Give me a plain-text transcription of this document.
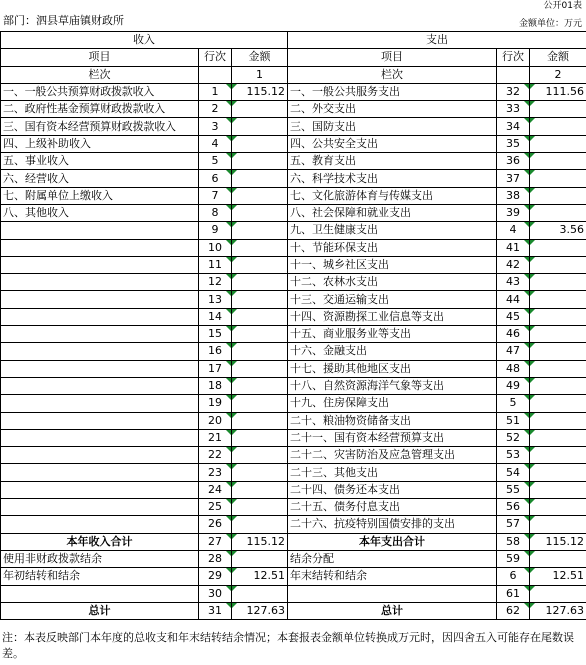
公开01表
部门：泗县草庙镇财政所	金额单位：万元
收入			支出		
项目	行次	金额	项目	行次	金额
栏次		1	栏次		2
一、一般公共预算财政拨款收入	1	115.12	一、一般公共服务支出	32	111.56
二、政府性基金预算财政拨款收入	2		二、外交支出	33	
三、国有资本经营预算财政拨款收入	3		三、国防支出	34	
四、上级补助收入	4		四、公共安全支出	35	
五、事业收入	5		五、教育支出	36	
六、经营收入	6		六、科学技术支出	37	
七、附属单位上缴收入	7		七、文化旅游体育与传媒支出	38	
八、其他收入	8		八、社会保障和就业支出	39	
	9		九、卫生健康支出	4	3.56
	10		十、节能环保支出	41	
	11		十一、城乡社区支出	42	
	12		十二、农林水支出	43	
	13		十三、交通运输支出	44	
	14		十四、资源勘探工业信息等支出	45	
	15		十五、商业服务业等支出	46	
	16		十六、金融支出	47	
	17		十七、援助其他地区支出	48	
	18		十八、自然资源海洋气象等支出	49	
	19		十九、住房保障支出	5	
	20		二十、粮油物资储备支出	51	
	21		二十一、国有资本经营预算支出	52	
	22		二十二、灾害防治及应急管理支出	53	
	23		二十三、其他支出	54	
	24		二十四、债务还本支出	55	
	25		二十五、债务付息支出	56	
	26		二十六、抗疫特别国债安排的支出	57	
本年收入合计	27	115.12	本年支出合计	58	115.12
使用非财政拨款结余	28		结余分配	59	
年初结转和结余	29	12.51	年末结转和结余	6	12.51
	30			61	
总计	31	127.63	总计	62	127.63
注：本表反映部门本年度的总收支和年末结转结余情况；本套报表金额单位转换成万元时，因四舍五入可能存在尾数误差。
